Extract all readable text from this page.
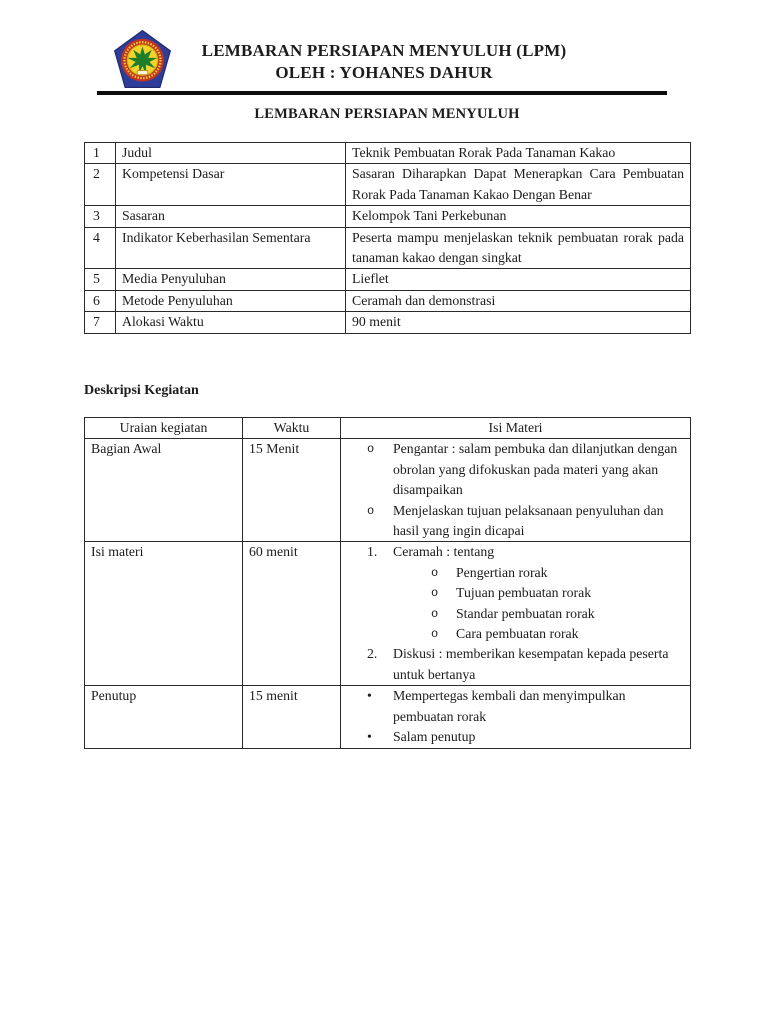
LEMBARAN PERSIAPAN MENYULUH (LPM)
OLEH : YOHANES DAHUR
LEMBARAN PERSIAPAN MENYULUH
1	Judul	Teknik Pembuatan Rorak Pada Tanaman Kakao
2	Kompetensi Dasar	Sasaran Diharapkan Dapat Menerapkan Cara Pembuatan Rorak Pada Tanaman Kakao Dengan Benar
3	Sasaran	Kelompok Tani Perkebunan
4	Indikator Keberhasilan Sementara	Peserta mampu menjelaskan teknik pembuatan rorak pada tanaman kakao dengan singkat
5	Media Penyuluhan	Lieflet
6	Metode Penyuluhan	Ceramah dan demonstrasi
7	Alokasi Waktu	90 menit
Deskripsi Kegiatan
Uraian kegiatan	Waktu	Isi Materi
Bagian Awal	15 Menit	o Pengantar : salam pembuka dan dilanjutkan dengan obrolan yang difokuskan pada materi yang akan disampaikan
o Menjelaskan tujuan pelaksanaan penyuluhan dan hasil yang ingin dicapai

Isi materi	60 menit	1.	Ceramah : tentang
o	Pengertian rorak
o	Tujuan pembuatan rorak
o	Standar pembuatan rorak
o	Cara pembuatan rorak
2.	Diskusi : memberikan kesempatan kepada peserta untuk bertanya

Penutup	15 menit	• Mempertegas kembali dan menyimpulkan pembuatan rorak
• Salam penutup
